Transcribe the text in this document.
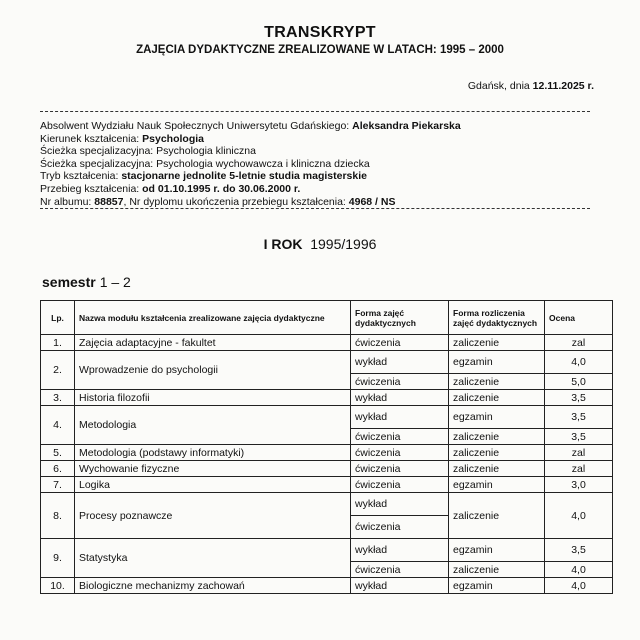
TRANSKRYPT
ZAJĘCIA DYDAKTYCZNE ZREALIZOWANE W LATACH: 1995 – 2000
Gdańsk, dnia 12.11.2025 r.
Absolwent Wydziału Nauk Społecznych Uniwersytetu Gdańskiego: Aleksandra Piekarska
Kierunek kształcenia: Psychologia
Ścieżka specjalizacyjna: Psychologia kliniczna
Ścieżka specjalizacyjna: Psychologia wychowawcza i kliniczna dziecka
Tryb kształcenia: stacjonarne jednolite 5-letnie studia magisterskie
Przebieg kształcenia: od 01.10.1995 r. do 30.06.2000 r.
Nr albumu: 88857, Nr dyplomu ukończenia przebiegu kształcenia: 4968 / NS
I ROK 1995/1996
semestr 1 – 2
Lp.	Nazwa modułu kształcenia zrealizowane zajęcia dydaktyczne	Forma zajęć dydaktycznych	Forma rozliczenia zajęć dydaktycznych	Ocena
1.	Zajęcia adaptacyjne - fakultet	ćwiczenia	zaliczenie	zal
2.	Wprowadzenie do psychologii	wykład	egzamin	4,0
		ćwiczenia	zaliczenie	5,0
3.	Historia filozofii	wykład	zaliczenie	3,5
4.	Metodologia	wykład	egzamin	3,5
		ćwiczenia	zaliczenie	3,5
5.	Metodologia (podstawy informatyki)	ćwiczenia	zaliczenie	zal
6.	Wychowanie fizyczne	ćwiczenia	zaliczenie	zal
7.	Logika	ćwiczenia	egzamin	3,0
8.	Procesy poznawcze	wykład	zaliczenie	4,0
		ćwiczenia		
9.	Statystyka	wykład	egzamin	3,5
		ćwiczenia	zaliczenie	4,0
10.	Biologiczne mechanizmy zachowań	wykład	egzamin	4,0
